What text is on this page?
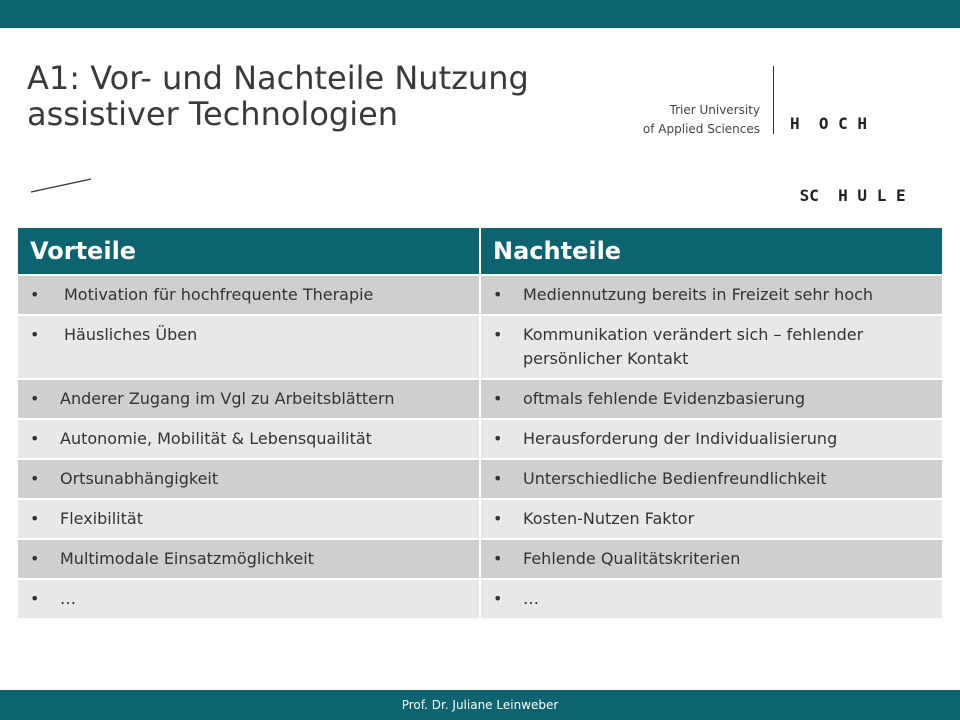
A1: Vor- und Nachteile Nutzung
assistiver Technologien	Trier University
of Applied Sciences

H  O C H

SC  H U L E

Vorteile	Nachteile

• Motivation für hochfrequente Therapie	• Mediennutzung bereits in Freizeit sehr hoch

• Häusliches Üben	• Kommunikation verändert sich – fehlender persönlicher Kontakt

• Anderer Zugang im Vgl zu Arbeitsblättern	• oftmals fehlende Evidenzbasierung

• Autonomie, Mobilität & Lebensquailität	• Herausforderung der Individualisierung

• Ortsunabhängigkeit	• Unterschiedliche Bedienfreundlichkeit

• Flexibilität	• Kosten-Nutzen Faktor

• Multimodale Einsatzmöglichkeit	• Fehlende Qualitätskriterien

• …	• …
Prof. Dr. Juliane Leinweber
